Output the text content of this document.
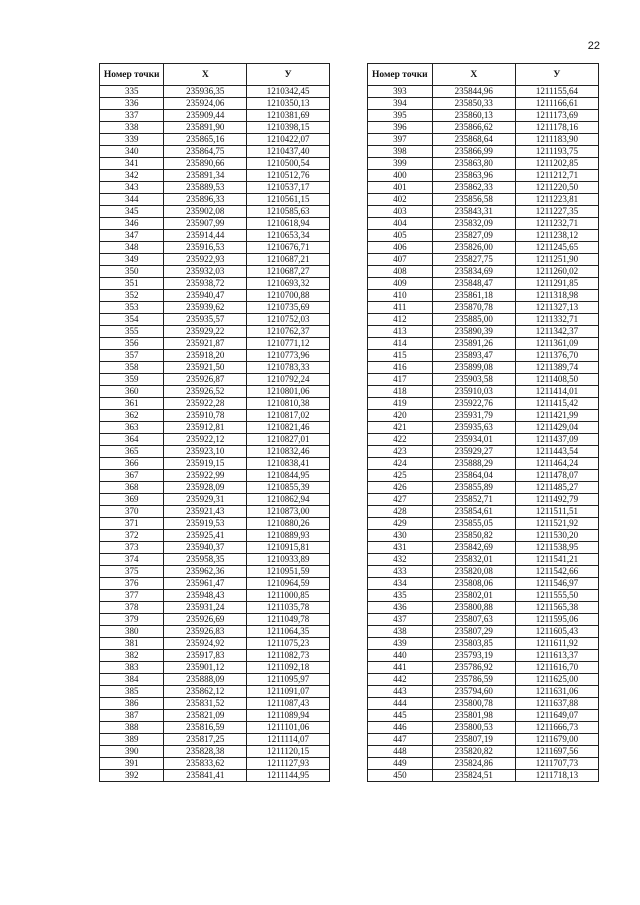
22
Номер точки	X	У
335	235936,35	1210342,45
336	235924,06	1210350,13
337	235909,44	1210381,69
338	235891,90	1210398,15
339	235865,16	1210422,07
340	235864,75	1210437,40
341	235890,66	1210500,54
342	235891,34	1210512,76
343	235889,53	1210537,17
344	235896,33	1210561,15
345	235902,08	1210585,63
346	235907,99	1210618,94
347	235914,44	1210653,34
348	235916,53	1210676,71
349	235922,93	1210687,21
350	235932,03	1210687,27
351	235938,72	1210693,32
352	235940,47	1210700,88
353	235939,62	1210735,69
354	235935,57	1210752,03
355	235929,22	1210762,37
356	235921,87	1210771,12
357	235918,20	1210773,96
358	235921,50	1210783,33
359	235926,87	1210792,24
360	235926,52	1210801,06
361	235922,28	1210810,38
362	235910,78	1210817,02
363	235912,81	1210821,46
364	235922,12	1210827,01
365	235923,10	1210832,46
366	235919,15	1210838,41
367	235922,99	1210844,95
368	235928,09	1210855,39
369	235929,31	1210862,94
370	235921,43	1210873,00
371	235919,53	1210880,26
372	235925,41	1210889,93
373	235940,37	1210915,81
374	235958,35	1210933,89
375	235962,36	1210951,59
376	235961,47	1210964,59
377	235948,43	1211000,85
378	235931,24	1211035,78
379	235926,69	1211049,78
380	235926,83	1211064,35
381	235924,92	1211075,23
382	235917,83	1211082,73
383	235901,12	1211092,18
384	235888,09	1211095,97
385	235862,12	1211091,07
386	235831,52	1211087,43
387	235821,09	1211089,94
388	235816,59	1211101,06
389	235817,25	1211114,07
390	235828,38	1211120,15
391	235833,62	1211127,93
392	235841,41	1211144,95
Номер точки	X	У
393	235844,96	1211155,64
394	235850,33	1211166,61
395	235860,13	1211173,69
396	235866,62	1211178,16
397	235868,64	1211183,90
398	235866,99	1211193,75
399	235863,80	1211202,85
400	235863,96	1211212,71
401	235862,33	1211220,50
402	235856,58	1211223,81
403	235843,31	1211227,35
404	235832,09	1211232,71
405	235827,09	1211238,12
406	235826,00	1211245,65
407	235827,75	1211251,90
408	235834,69	1211260,02
409	235848,47	1211291,85
410	235861,18	1211318,98
411	235870,78	1211327,13
412	235885,00	1211332,71
413	235890,39	1211342,37
414	235891,26	1211361,09
415	235893,47	1211376,70
416	235899,08	1211389,74
417	235903,58	1211408,50
418	235910,03	1211414,01
419	235922,76	1211415,42
420	235931,79	1211421,99
421	235935,63	1211429,04
422	235934,01	1211437,09
423	235929,27	1211443,54
424	235888,29	1211464,24
425	235864,04	1211478,07
426	235855,89	1211485,27
427	235852,71	1211492,79
428	235854,61	1211511,51
429	235855,05	1211521,92
430	235850,82	1211530,20
431	235842,69	1211538,95
432	235832,01	1211541,21
433	235820,08	1211542,66
434	235808,06	1211546,97
435	235802,01	1211555,50
436	235800,88	1211565,38
437	235807,63	1211595,06
438	235807,29	1211605,43
439	235803,85	1211611,92
440	235793,19	1211613,37
441	235786,92	1211616,70
442	235786,59	1211625,00
443	235794,60	1211631,06
444	235800,78	1211637,88
445	235801,98	1211649,07
446	235800,53	1211666,73
447	235807,19	1211679,00
448	235820,82	1211697,56
449	235824,86	1211707,73
450	235824,51	1211718,13
